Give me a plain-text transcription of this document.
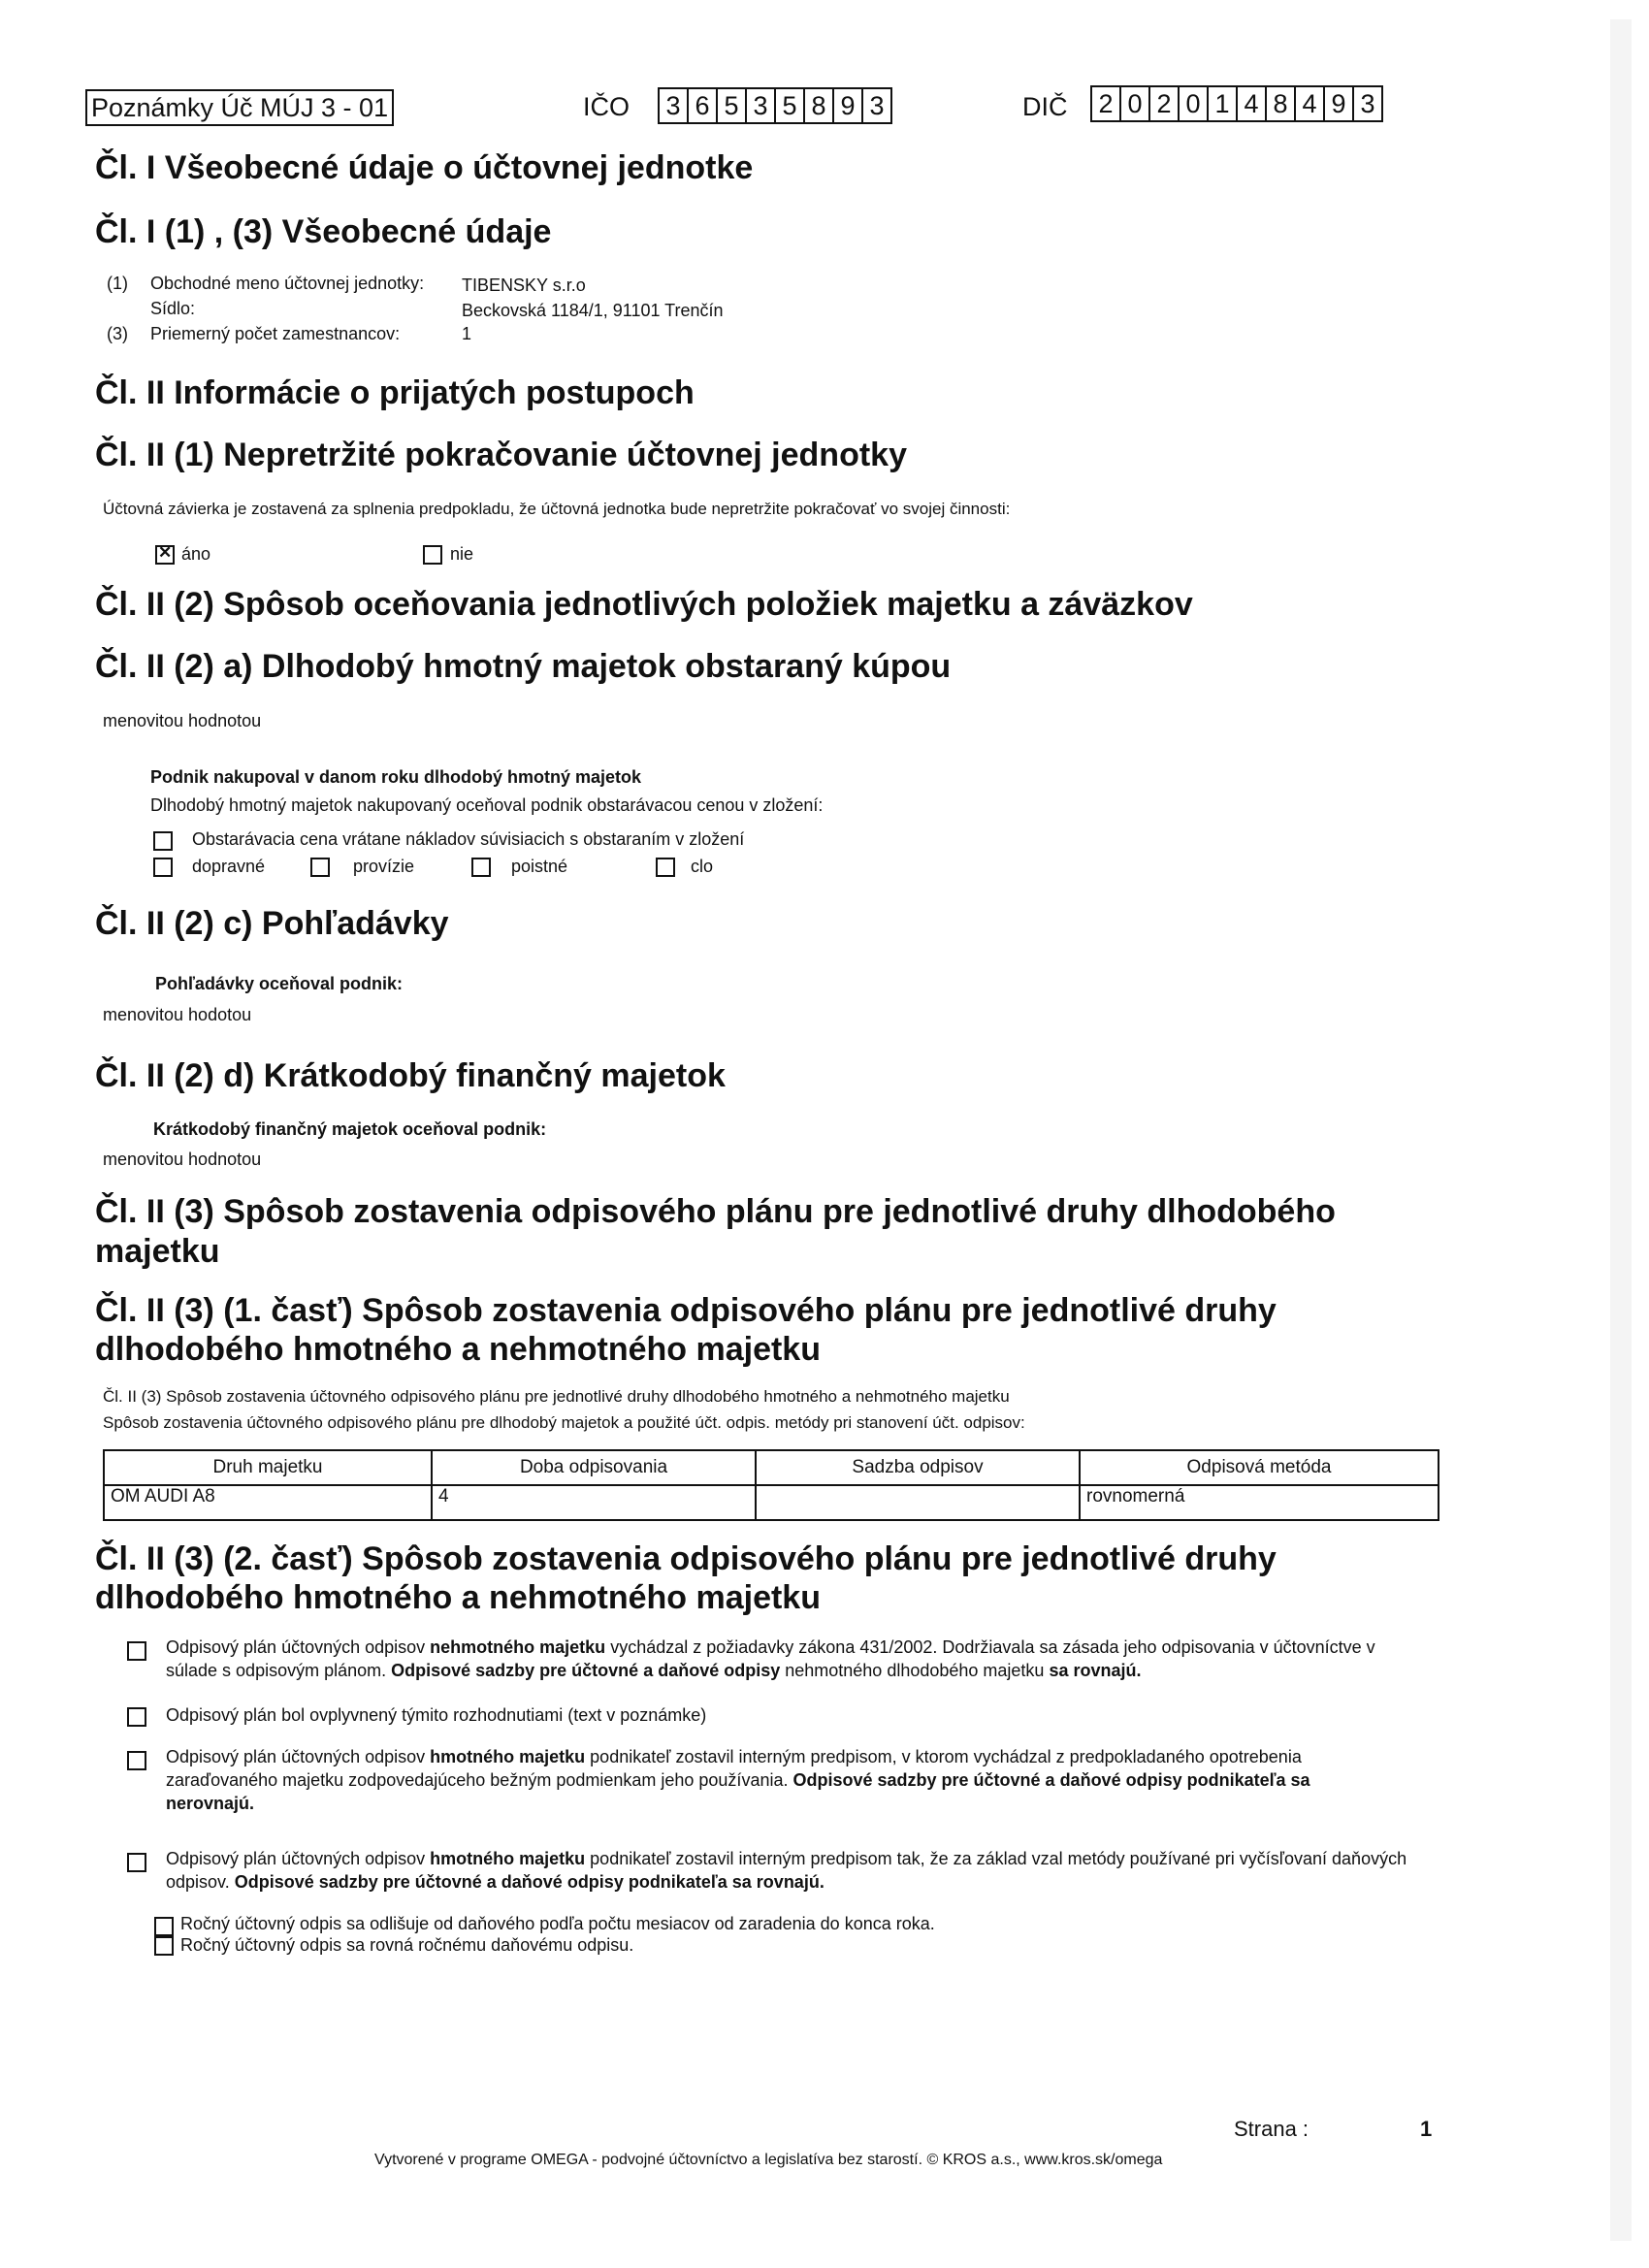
Poznámky Úč MÚJ 3 - 01	IČO 3 6 5 3 5 8 9 3	DIČ 2 0 2 0 1 4 8 4 9 3
Čl. I Všeobecné údaje o účtovnej jednotke
Čl. I (1) , (3) Všeobecné údaje
(1) Obchodné meno účtovnej jednotky: TIBENSKY s.r.o
Sídlo:	Beckovská 1184/1, 91101 Trenčín
(3) Priemerný počet zamestnancov:	1
Čl. II Informácie o prijatých postupoch
Čl. II (1) Nepretržité pokračovanie účtovnej jednotky
Účtovná závierka je zostavená za splnenia predpokladu, že účtovná jednotka bude nepretržite pokračovať vo svojej činnosti:
✕
áno	nie
Čl. II (2) Spôsob oceňovania jednotlivých položiek majetku a záväzkov
Čl. II (2) a) Dlhodobý hmotný majetok obstaraný kúpou
menovitou hodnotou
Podnik nakupoval v danom roku dlhodobý hmotný majetok
Dlhodobý hmotný majetok nakupovaný oceňoval podnik obstarávacou cenou v zložení:
Obstarávacia cena vrátane nákladov súvisiacich s obstaraním v zložení
dopravné	provízie	poistné	clo
Čl. II (2) c) Pohľadávky
Pohľadávky oceňoval podnik:
menovitou hodotou
Čl. II (2) d) Krátkodobý finančný majetok
Krátkodobý finančný majetok oceňoval podnik:
menovitou hodnotou
Čl. II (3) Spôsob zostavenia odpisového plánu pre jednotlivé druhy dlhodobého
majetku
Čl. II (3) (1. časť) Spôsob zostavenia odpisového plánu pre jednotlivé druhy
dlhodobého hmotného a nehmotného majetku
Čl. II (3) Spôsob zostavenia účtovného odpisového plánu pre jednotlivé druhy dlhodobého hmotného a nehmotného majetku
Spôsob zostavenia účtovného odpisového plánu pre dlhodobý majetok a použité účt. odpis. metódy pri stanovení účt. odpisov:
Druh majetku	Doba odpisovania	Sadzba odpisov	Odpisová metóda
OM AUDI A8	4		rovnomerná
Čl. II (3) (2. časť) Spôsob zostavenia odpisového plánu pre jednotlivé druhy
dlhodobého hmotného a nehmotného majetku
Odpisový plán účtovných odpisov nehmotného majetku vychádzal z požiadavky zákona 431/2002. Dodržiavala sa zásada jeho odpisovania v účtovníctve v súlade s odpisovým plánom. Odpisové sadzby pre účtovné a daňové odpisy nehmotného dlhodobého majetku sa rovnajú.
Odpisový plán bol ovplyvnený týmito rozhodnutiami (text v poznámke)
Odpisový plán účtovných odpisov hmotného majetku podnikateľ zostavil interným predpisom, v ktorom vychádzal z predpokladaného opotrebenia zaraďovaného majetku zodpovedajúceho bežným podmienkam jeho používania. Odpisové sadzby pre účtovné a daňové odpisy podnikateľa sa nerovnajú.
Odpisový plán účtovných odpisov hmotného majetku podnikateľ zostavil interným predpisom tak, že za základ vzal metódy používané pri vyčísľovaní daňových odpisov. Odpisové sadzby pre účtovné a daňové odpisy podnikateľa sa rovnajú.
Ročný účtovný odpis sa odlišuje od daňového podľa počtu mesiacov od zaradenia do konca roka.
Ročný účtovný odpis sa rovná ročnému daňovému odpisu.
Strana :	1
Vytvorené v programe OMEGA - podvojné účtovníctvo a legislatíva bez starostí. © KROS a.s., www.kros.sk/omega
